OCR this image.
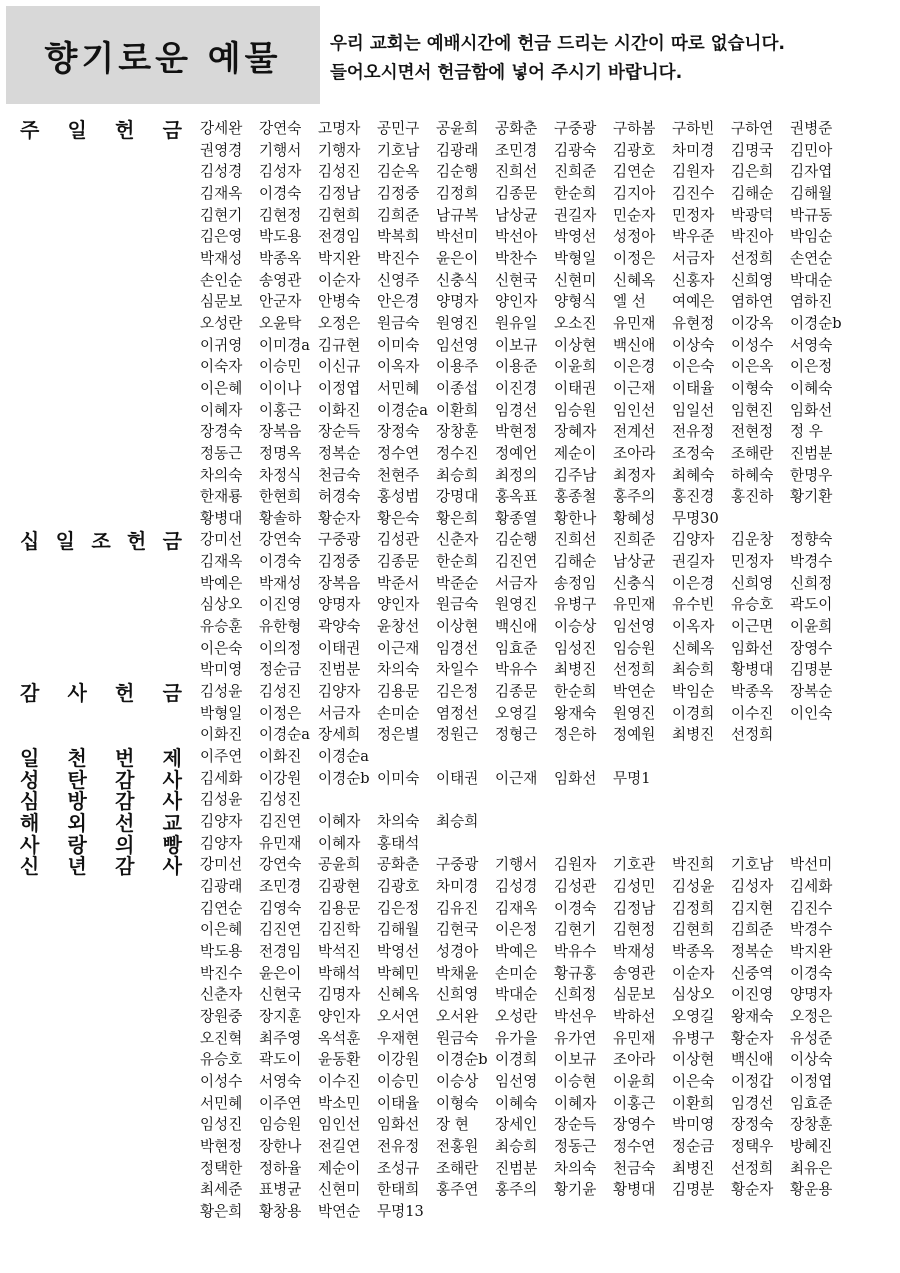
향기로운 예물	우리 교회는 예배시간에 헌금 드리는 시간이 따로 없습니다.
들어오시면서 헌금함에 넣어 주시기 바랍니다.
주 일 헌 금 강세완	강연숙	고명자	공민구	공윤희	공화춘	구중광	구하봄	구하빈	구하연	권병준
권영경	기행서	기행자	기호남	김광래	조민경	김광숙	김광호	차미경	김명국	김민아
김성경	김성자	김성진	김순옥	김순행	진희선	진희준	김연순	김원자	김은희	김자엽
김재옥	이경숙	김정남	김정중	김정희	김종문	한순희	김지아	김진수	김해순	김해월
김현기	김현정	김현희	김희준	남규복	남상균	권길자	민순자	민정자	박광덕	박규동
김은영	박도용	전경임	박복희	박선미	박선아	박영선	성정아	박우준	박진아	박임순
박재성	박종옥	박지완	박진수	윤은이	박찬수	박형일	이정은	서금자	선정희	손연순
손인순	송영관	이순자	신영주	신충식	신현국	신현미	신혜옥	신홍자	신희영	박대순
심문보	안군자	안병숙	안은경	양명자	양인자	양형식	엘 선	여예은	염하연	염하진
오성란	오윤탁	오정은	원금숙	원영진	원유일	오소진	유민재	유현정	이강옥	이경순b
이귀영	이미경a 김규현	이미숙	임선영	이보규	이상현	백신애	이상숙	이성수	서영숙
이숙자	이승민	이신규	이옥자	이용주	이용준	이윤희	이은경	이은숙	이은옥	이은정
이은혜	이이나	이정엽	서민혜	이종섭	이진경	이태권	이근재	이태율	이형숙	이혜숙
이혜자	이홍근	이화진	이경순a 이환희	임경선	임승원	임인선	임일선	임현진	임화선
장경숙	장복음	장순득	장정숙	장창훈	박현정	장혜자	전계선	전유정	전현정	정 우
정동근	정명옥	정복순	정수연	정수진	정예언	제순이	조아라	조정숙	조해란	진범분
차의숙	차정식	천금숙	천현주	최승희	최정의	김주남	최정자	최혜숙	하혜숙	한명우
한재룡	한현희	허경숙	홍성범	강명대	홍옥표	홍종철	홍주의	홍진경	홍진하	황기환
황병대	황솔하	황순자	황은숙	황은희	황종열	황한나	황혜성	무명30
십 일 조 헌 금 강미선	강연숙	구중광	김성관	신춘자	김순행	진희선	진희준	김양자	김운창	정향숙
김재옥	이경숙	김정중	김종문	한순희	김진연	김해순	남상균	권길자	민정자	박경수
박예은	박재성	장복음	박준서	박준순	서금자	송정임	신충식	이은경	신희영	신희정
심상오	이진영	양명자	양인자	원금숙	원영진	유병구	유민재	유수빈	유승호	곽도이
유승훈	유한형	곽양숙	윤창선	이상현	백신애	이승상	임선영	이옥자	이근면	이윤희
이은숙	이의정	이태권	이근재	임경선	임효준	임성진	임승원	신혜옥	임화선	장영수
박미영	정순금	진범분	차의숙	차일수	박유수	최병진	선정희	최승희	황병대	김명분
감 사 헌 금 김성윤	김성진	김양자	김용문	김은정	김종문	한순희	박연순	박임순	박종옥	장복순
박형일	이정은	서금자	손미순	염정선	오영길	왕재숙	원영진	이경희	이수진	이인숙
이화진	이경순a 장세희	정은별	정원근	정형근	정은하	정예원	최병진	선정희
일 천 번 제 이주연	이화진	이경순a
성 탄 감 사 김세화	이강원	이경순b 이미숙	이태권	이근재	임화선	무명1
심 방 감 사 김성윤	김성진
해 외 선 교 김양자	김진연	이혜자	차의숙	최승희
사 랑 의 빵 김양자	유민재	이혜자	홍태석
신 년 감 사 강미선	강연숙	공윤희	공화춘	구중광	기행서	김원자	기호관	박진희	기호남	박선미
김광래	조민경	김광현	김광호	차미경	김성경	김성관	김성민	김성윤	김성자	김세화
김연순	김영숙	김용문	김은정	김유진	김재옥	이경숙	김정남	김정희	김지현	김진수
이은혜	김진연	김진학	김해월	김현국	이은정	김현기	김현정	김현희	김희준	박경수
박도용	전경임	박석진	박영선	성경아	박예은	박유수	박재성	박종옥	정복순	박지완
박진수	윤은이	박해석	박혜민	박채윤	손미순	황규홍	송영관	이순자	신중역	이경숙
신춘자	신현국	김명자	신혜옥	신희영	박대순	신희정	심문보	심상오	이진영	양명자
장원중	장지훈	양인자	오서연	오서완	오성란	박선우	박하선	오영길	왕재숙	오정은
오진혁	최주영	옥석훈	우재현	원금숙	유가을	유가연	유민재	유병구	황순자	유성준
유승호	곽도이	윤동환	이강원	이경순b 이경희	이보규	조아라	이상현	백신애	이상숙
이성수	서영숙	이수진	이승민	이승상	임선영	이승현	이윤희	이은숙	이정갑	이정엽
서민혜	이주연	박소민	이태율	이형숙	이혜숙	이혜자	이홍근	이환희	임경선	임효준
임성진	임승원	임인선	임화선	장 현	장세인	장순득	장영수	박미영	장정숙	장창훈
박현정	장한나	전길연	전유정	전홍원	최승희	정동근	정수연	정순금	정택우	방혜진
정택한	정하율	제순이	조성규	조해란	진범분	차의숙	천금숙	최병진	선정희	최유은
최세준	표병균	신현미	한태희	홍주연	홍주의	황기윤	황병대	김명분	황순자	황운용
황은희	황창용	박연순	무명13
